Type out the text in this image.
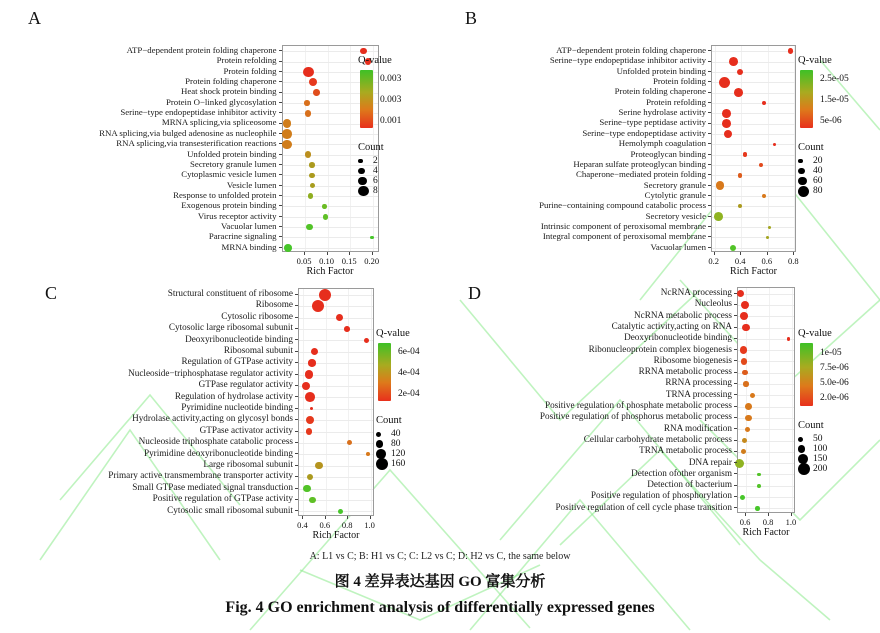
A: L1 vs C; B: H1 vs C; C: L2 vs C; D: H2 vs C, the same below
图 4 差异表达基因 GO 富集分析
Fig. 4 GO enrichment analysis of differentially expressed genes
A
0.05 0.10 0.15 0.20
ATP−dependent protein folding chaperone
Protein refolding
Protein folding
Protein folding chaperone
Heat shock protein binding
Protein O−linked glycosylation
Serine−type endopeptidase inhibitor activity
MRNA splicing,via spliceosome
RNA splicing,via bulged adenosine as nucleophile
RNA splicing,via transesterification reactions
Unfolded protein binding
Secretory granule lumen
Cytoplasmic vesicle lumen
Vesicle lumen
Response to unfolded protein
Exogenous protein binding
Virus receptor activity
Vacuolar lumen
Paracrine signaling
MRNA binding
Rich Factor
Q-value
0.003
0.003
0.001
Count
2
4
6
8
B
0.2 0.4 0.6 0.8
ATP−dependent protein folding chaperone
Serine−type endopeptidase inhibitor activity
Unfolded protein binding
Protein folding
Protein folding chaperone
Protein refolding
Serine hydrolase activity
Serine−type peptidase activity
Serine−type endopeptidase activity
Hemolymph coagulation
Proteoglycan binding
Heparan sulfate proteoglycan binding
Chaperone−mediated protein folding
Secretory granule
Cytolytic granule
Purine−containing compound catabolic process
Secretory vesicle
Intrinsic component of peroxisomal membrane
Integral component of peroxisomal membrane
Vacuolar lumen
Rich Factor
Q-value
2.5e-05
1.5e-05
5e-06
Count
20
40
60
80
C
0.4 0.6 0.8 1.0
Structural constituent of ribosome
Ribosome
Cytosolic ribosome
Cytosolic large ribosomal subunit
Deoxyribonucleotide binding
Ribosomal subunit
Regulation of GTPase activity
Nucleoside−triphosphatase regulator activity
GTPase regulator activity
Regulation of hydrolase activity
Pyrimidine nucleotide binding
Hydrolase activity,acting on glycosyl bonds
GTPase activator activity
Nucleoside triphosphate catabolic process
Pyrimidine deoxyribonucleotide binding
Large ribosomal subunit
Primary active transmembrane transporter activity
Small GTPase mediated signal transduction
Positive regulation of GTPase activity
Cytosolic small ribosomal subunit
Rich Factor
Q-value
6e-04
4e-04
2e-04
Count
40
80
120
160
D
0.6 0.8 1.0
NcRNA processing
Nucleolus
NcRNA metabolic process
Catalytic activity,acting on RNA
Deoxyribonucleotide binding
Ribonucleoprotein complex biogenesis
Ribosome biogenesis
RRNA metabolic process
RRNA processing
TRNA processing
Positive regulation of phosphate metabolic process
Positive regulation of phosphorus metabolic process
RNA modification
Cellular carbohydrate metabolic process
TRNA metabolic process
DNA repair
Detection ofother organism
Detection of bacterium
Positive regulation of phosphorylation
Positive regulation of cell cycle phase transition
Rich Factor
Q-value
1e-05
7.5e-06
5.0e-06
2.0e-06
Count
50
100
150
200
